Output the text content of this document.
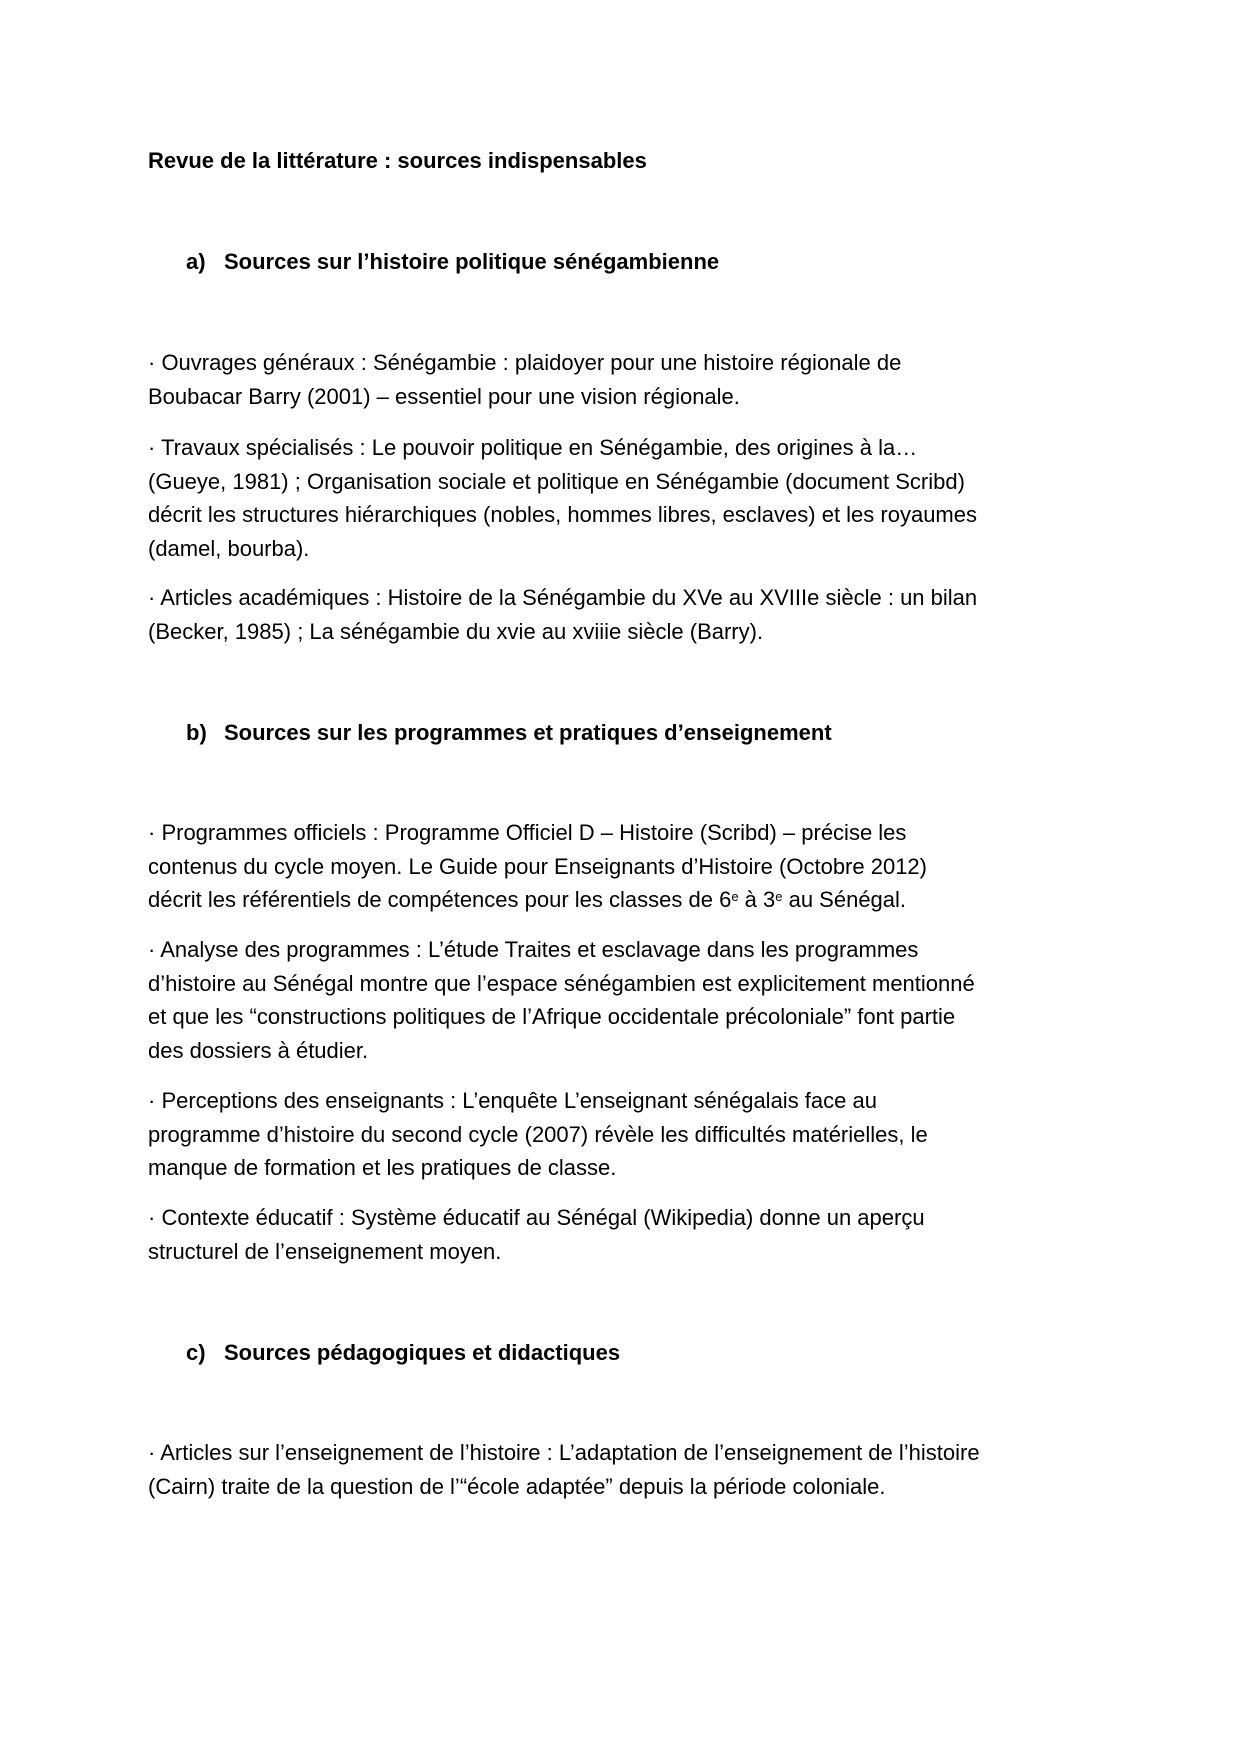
Revue de la littérature : sources indispensables
a) Sources sur l’histoire politique sénégambienne
· Ouvrages généraux : Sénégambie : plaidoyer pour une histoire régionale de
Boubacar Barry (2001) – essentiel pour une vision régionale.
· Travaux spécialisés : Le pouvoir politique en Sénégambie, des origines à la…
(Gueye, 1981) ; Organisation sociale et politique en Sénégambie (document Scribd)
décrit les structures hiérarchiques (nobles, hommes libres, esclaves) et les royaumes
(damel, bourba).
· Articles académiques : Histoire de la Sénégambie du XVe au XVIIIe siècle : un bilan
(Becker, 1985) ; La sénégambie du xvie au xviiie siècle (Barry).
b) Sources sur les programmes et pratiques d’enseignement
· Programmes officiels : Programme Officiel D – Histoire (Scribd) – précise les
contenus du cycle moyen. Le Guide pour Enseignants d’Histoire (Octobre 2012)
décrit les référentiels de compétences pour les classes de 6e à 3e au Sénégal.
· Analyse des programmes : L’étude Traites et esclavage dans les programmes
d’histoire au Sénégal montre que l’espace sénégambien est explicitement mentionné
et que les “constructions politiques de l’Afrique occidentale précoloniale” font partie
des dossiers à étudier.
· Perceptions des enseignants : L’enquête L’enseignant sénégalais face au
programme d’histoire du second cycle (2007) révèle les difficultés matérielles, le
manque de formation et les pratiques de classe.
· Contexte éducatif : Système éducatif au Sénégal (Wikipedia) donne un aperçu
structurel de l’enseignement moyen.
c) Sources pédagogiques et didactiques
· Articles sur l’enseignement de l’histoire : L’adaptation de l’enseignement de l’histoire
(Cairn) traite de la question de l’“école adaptée” depuis la période coloniale.
